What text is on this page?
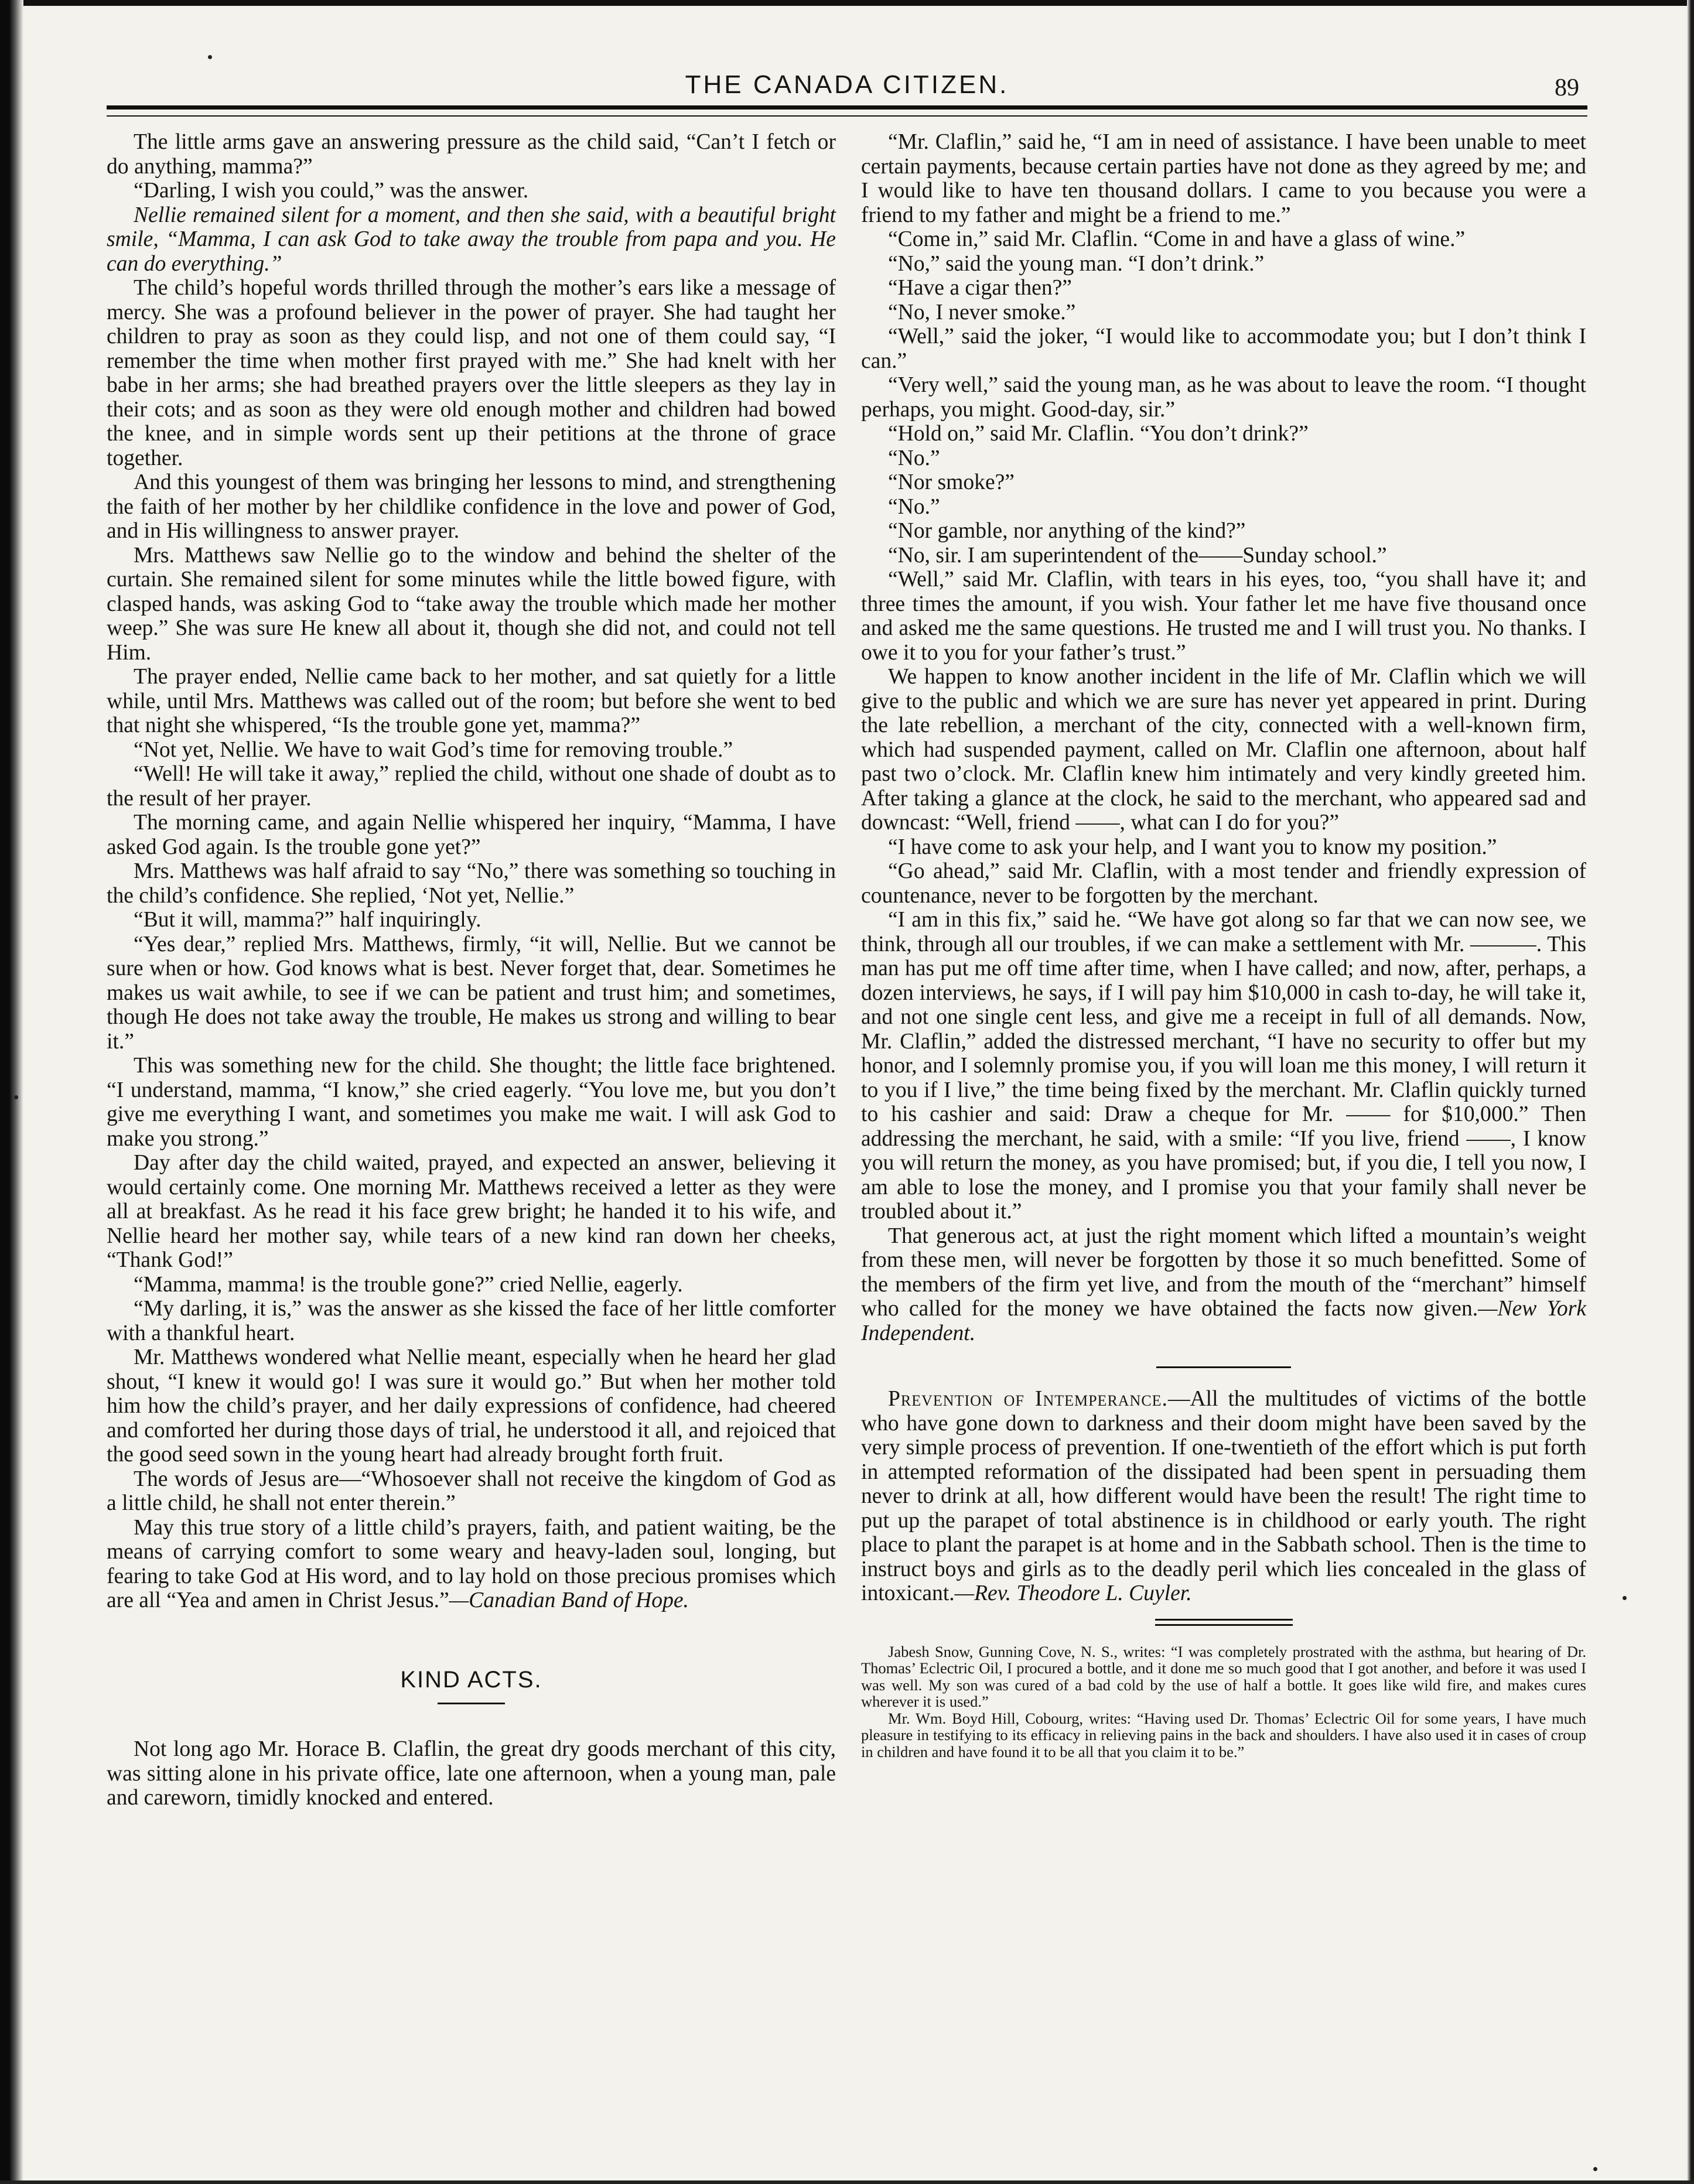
THE CANADA CITIZEN.	89

The little arms gave an answering pressure as the child said, “Can’t I fetch or do anything, mamma?”

“Darling, I wish you could,” was the answer.

Nellie remained silent for a moment, and then she said, with a beautiful bright smile, “Mamma, I can ask God to take away the trouble from papa and you. He can do everything.”

The child’s hopeful words thrilled through the mother’s ears like a message of mercy. She was a profound believer in the power of prayer. She had taught her children to pray as soon as they could lisp, and not one of them could say, “I remember the time when mother first prayed with me.” She had knelt with her babe in her arms; she had breathed prayers over the little sleepers as they lay in their cots; and as soon as they were old enough mother and children had bowed the knee, and in simple words sent up their petitions at the throne of grace together.

And this youngest of them was bringing her lessons to mind, and strengthening the faith of her mother by her childlike confidence in the love and power of God, and in His willingness to answer prayer.

Mrs. Matthews saw Nellie go to the window and behind the shelter of the curtain. She remained silent for some minutes while the little bowed figure, with clasped hands, was asking God to “take away the trouble which made her mother weep.” She was sure He knew all about it, though she did not, and could not tell Him.

The prayer ended, Nellie came back to her mother, and sat quietly for a little while, until Mrs. Matthews was called out of the room; but before she went to bed that night she whispered, “Is the trouble gone yet, mamma?”

“Not yet, Nellie. We have to wait God’s time for removing trouble.”

“Well! He will take it away,” replied the child, without one shade of doubt as to the result of her prayer.

The morning came, and again Nellie whispered her inquiry, “Mamma, I have asked God again. Is the trouble gone yet?”

Mrs. Matthews was half afraid to say “No,” there was something so touching in the child’s confidence. She replied, ‘Not yet, Nellie.”

“But it will, mamma?” half inquiringly.

“Yes dear,” replied Mrs. Matthews, firmly, “it will, Nellie. But we cannot be sure when or how. God knows what is best. Never forget that, dear. Sometimes he makes us wait awhile, to see if we can be patient and trust him; and sometimes, though He does not take away the trouble, He makes us strong and willing to bear it.”

This was something new for the child. She thought; the little face brightened. “I understand, mamma, “I know,” she cried eagerly. “You love me, but you don’t give me everything I want, and sometimes you make me wait. I will ask God to make you strong.”

Day after day the child waited, prayed, and expected an answer, believing it would certainly come. One morning Mr. Matthews received a letter as they were all at breakfast. As he read it his face grew bright; he handed it to his wife, and Nellie heard her mother say, while tears of a new kind ran down her cheeks, “Thank God!”

“Mamma, mamma! is the trouble gone?” cried Nellie, eagerly.

“My darling, it is,” was the answer as she kissed the face of her little comforter with a thankful heart.

Mr. Matthews wondered what Nellie meant, especially when he heard her glad shout, “I knew it would go! I was sure it would go.” But when her mother told him how the child’s prayer, and her daily expressions of confidence, had cheered and comforted her during those days of trial, he understood it all, and rejoiced that the good seed sown in the young heart had already brought forth fruit.

The words of Jesus are—“Whosoever shall not receive the kingdom of God as a little child, he shall not enter therein.”

May this true story of a little child’s prayers, faith, and patient waiting, be the means of carrying comfort to some weary and heavy-laden soul, longing, but fearing to take God at His word, and to lay hold on those precious promises which are all “Yea and amen in Christ Jesus.”—Canadian Band of Hope.

KIND ACTS.

Not long ago Mr. Horace B. Claflin, the great dry goods merchant of this city, was sitting alone in his private office, late one afternoon, when a young man, pale and careworn, timidly knocked and entered.

“Mr. Claflin,” said he, “I am in need of assistance. I have been unable to meet certain payments, because certain parties have not done as they agreed by me; and I would like to have ten thousand dollars. I came to you because you were a friend to my father and might be a friend to me.”

“Come in,” said Mr. Claflin. “Come in and have a glass of wine.”

“No,” said the young man. “I don’t drink.”

“Have a cigar then?”

“No, I never smoke.”

“Well,” said the joker, “I would like to accommodate you; but I don’t think I can.”

“Very well,” said the young man, as he was about to leave the room. “I thought perhaps, you might. Good-day, sir.”

“Hold on,” said Mr. Claflin. “You don’t drink?”

“No.”

“Nor smoke?”

“No.”

“Nor gamble, nor anything of the kind?”

“No, sir. I am superintendent of the——Sunday school.”

“Well,” said Mr. Claflin, with tears in his eyes, too, “you shall have it; and three times the amount, if you wish. Your father let me have five thousand once and asked me the same questions. He trusted me and I will trust you. No thanks. I owe it to you for your father’s trust.”

We happen to know another incident in the life of Mr. Claflin which we will give to the public and which we are sure has never yet appeared in print. During the late rebellion, a merchant of the city, connected with a well-known firm, which had suspended payment, called on Mr. Claflin one afternoon, about half past two o’clock. Mr. Claflin knew him intimately and very kindly greeted him. After taking a glance at the clock, he said to the merchant, who appeared sad and downcast: “Well, friend ——, what can I do for you?”

“I have come to ask your help, and I want you to know my position.”

“Go ahead,” said Mr. Claflin, with a most tender and friendly expression of countenance, never to be forgotten by the merchant.

“I am in this fix,” said he. “We have got along so far that we can now see, we think, through all our troubles, if we can make a settlement with Mr. ———. This man has put me off time after time, when I have called; and now, after, perhaps, a dozen interviews, he says, if I will pay him $10,000 in cash to-day, he will take it, and not one single cent less, and give me a receipt in full of all demands. Now, Mr. Claflin,” added the distressed merchant, “I have no security to offer but my honor, and I solemnly promise you, if you will loan me this money, I will return it to you if I live,” the time being fixed by the merchant. Mr. Claflin quickly turned to his cashier and said: Draw a cheque for Mr. —— for $10,000.” Then addressing the merchant, he said, with a smile: “If you live, friend ——, I know you will return the money, as you have promised; but, if you die, I tell you now, I am able to lose the money, and I promise you that your family shall never be troubled about it.”

That generous act, at just the right moment which lifted a mountain’s weight from these men, will never be forgotten by those it so much benefitted. Some of the members of the firm yet live, and from the mouth of the “merchant” himself who called for the money we have obtained the facts now given.—New York Independent.

Prevention of Intemperance.—All the multitudes of victims of the bottle who have gone down to darkness and their doom might have been saved by the very simple process of prevention. If one-twentieth of the effort which is put forth in attempted reformation of the dissipated had been spent in persuading them never to drink at all, how different would have been the result! The right time to put up the parapet of total abstinence is in childhood or early youth. The right place to plant the parapet is at home and in the Sabbath school. Then is the time to instruct boys and girls as to the deadly peril which lies concealed in the glass of intoxicant.—Rev. Theodore L. Cuyler.

Jabesh Snow, Gunning Cove, N. S., writes: “I was completely prostrated with the asthma, but hearing of Dr. Thomas’ Eclectric Oil, I procured a bottle, and it done me so much good that I got another, and before it was used I was well. My son was cured of a bad cold by the use of half a bottle. It goes like wild fire, and makes cures wherever it is used.”

Mr. Wm. Boyd Hill, Cobourg, writes: “Having used Dr. Thomas’ Eclectric Oil for some years, I have much pleasure in testifying to its efficacy in relieving pains in the back and shoulders. I have also used it in cases of croup in children and have found it to be all that you claim it to be.”
